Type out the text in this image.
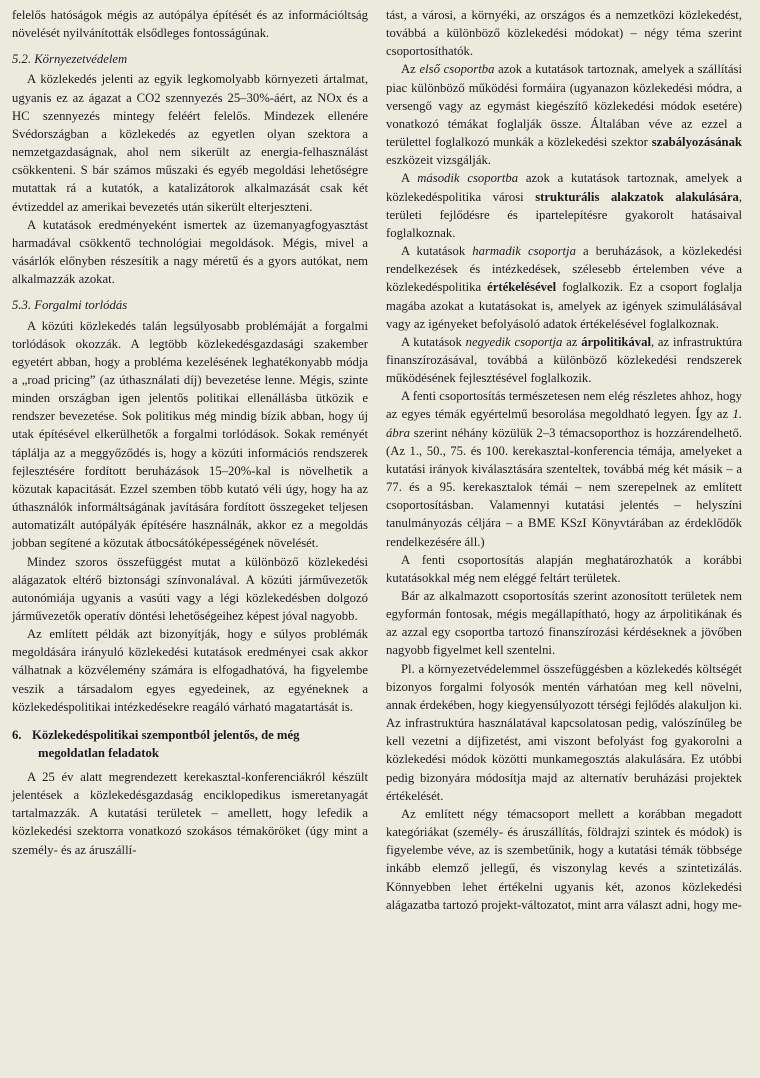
felelős hatóságok mégis az autópálya építését és az információltság növelését nyilvánították elsődleges fontosságúnak.

5.2. Környezetvédelem

A közlekedés jelenti az egyik legkomolyabb környezeti ártalmat, ugyanis ez az ágazat a CO2 szennyezés 25–30%-áért, az NOx és a HC szennyezés mintegy feléért felelős. Mindezek ellenére Svédországban a közlekedés az egyetlen olyan szektora a nemzetgazdaságnak, ahol nem sikerült az energia-felhasználást csökkenteni. S bár számos műszaki és egyéb megoldási lehetőségre mutattak rá a kutatók, a katalizátorok alkalmazását csak két évtizeddel az amerikai bevezetés után sikerült elterjeszteni.

A kutatások eredményeként ismertek az üzemanyagfogyasztást harmadával csökkentő technológiai megoldások. Mégis, mivel a vásárlók előnyben részesítik a nagy méretű és a gyors autókat, nem alkalmazzák azokat.

5.3. Forgalmi torlódás

A közúti közlekedés talán legsúlyosabb problémáját a forgalmi torlódások okozzák. A legtöbb közlekedésgazdasági szakember egyetért abban, hogy a probléma kezelésének leghatékonyabb módja a „road pricing” (az úthasználati díj) bevezetése lenne. Mégis, szinte minden országban igen jelentős politikai ellenállásba ütközik e rendszer bevezetése. Sok politikus még mindig bízik abban, hogy új utak építésével elkerülhetők a forgalmi torlódások. Sokak reményét táplálja az a meggyőződés is, hogy a közúti információs rendszerek fejlesztésére fordított beruházások 15–20%-kal is növelhetik a közutak kapacitását. Ezzel szemben több kutató véli úgy, hogy ha az úthasználók informáltságának javítására fordított összegeket teljesen automatizált autópályák építésére használnák, akkor ez a megoldás jobban segítené a közutak átbocsátóképességének növelését.

Mindez szoros összefüggést mutat a különböző közlekedési alágazatok eltérő biztonsági színvonalával. A közúti járművezetők autonómiája ugyanis a vasúti vagy a légi közlekedésben dolgozó járművezetők operatív döntési lehetőségeihez képest jóval nagyobb.

Az említett példák azt bizonyítják, hogy e súlyos problémák megoldására irányuló közlekedési kutatások eredményei csak akkor válhatnak a közvélemény számára is elfogadhatóvá, ha figyelembe veszik a társadalom egyes egyedeinek, az egyéneknek a közlekedéspolitikai intézkedésekre reagáló várható magatartását is.

6. Közlekedéspolitikai szempontból jelentős, de még megoldatlan feladatok

A 25 év alatt megrendezett kerekasztal-konferenciákról készült jelentések a közlekedésgazdaság enciklopedikus ismeretanyagát tartalmazzák. A kutatási területek – amellett, hogy lefedik a közlekedési szektorra vonatkozó szokásos témaköröket (úgy mint a személy- és az áruszállí-

tást, a városi, a környéki, az országos és a nemzetközi közlekedést, továbbá a különböző közlekedési módokat) – négy téma szerint csoportosíthatók.

Az első csoportba azok a kutatások tartoznak, amelyek a szállítási piac különböző működési formáira (ugyanazon közlekedési módra, a versengő vagy az egymást kiegészítő közlekedési módok esetére) vonatkozó témákat foglalják össze. Általában véve az ezzel a területtel foglalkozó munkák a közlekedési szektor szabályozásának eszközeit vizsgálják.

A második csoportba azok a kutatások tartoznak, amelyek a közlekedéspolitika városi strukturális alakzatok alakulására, területi fejlődésre és ipartelepítésre gyakorolt hatásaival foglalkoznak.

A kutatások harmadik csoportja a beruházások, a közlekedési rendelkezések és intézkedések, szélesebb értelemben véve a közlekedéspolitika értékelésével foglalkozik. Ez a csoport foglalja magába azokat a kutatásokat is, amelyek az igények szimulálásával vagy az igényeket befolyásoló adatok értékelésével foglalkoznak.

A kutatások negyedik csoportja az árpolitikával, az infrastruktúra finanszírozásával, továbbá a különböző közlekedési rendszerek működésének fejlesztésével foglalkozik.

A fenti csoportosítás természetesen nem elég részletes ahhoz, hogy az egyes témák egyértelmű besorolása megoldható legyen. Így az 1. ábra szerint néhány közülük 2–3 témacsoporthoz is hozzárendelhető. (Az 1., 50., 75. és 100. kerekasztal-konferencia témája, amelyeket a kutatási irányok kiválasztására szenteltek, továbbá még két másik – a 77. és a 95. kerekasztalok témái – nem szerepelnek az említett csoportosításban. Valamennyi kutatási jelentés – helyszíni tanulmányozás céljára – a BME KSzI Könyvtárában az érdeklődők rendelkezésére áll.)

A fenti csoportosítás alapján meghatározhatók a korábbi kutatásokkal még nem eléggé feltárt területek.

Bár az alkalmazott csoportosítás szerint azonosított területek nem egyformán fontosak, mégis megállapítható, hogy az árpolitikának és az azzal egy csoportba tartozó finanszírozási kérdéseknek a jövőben nagyobb figyelmet kell szentelni.

Pl. a környezetvédelemmel összefüggésben a közlekedés költségét bizonyos forgalmi folyosók mentén várhatóan meg kell növelni, annak érdekében, hogy kiegyensúlyozott térségi fejlődés alakuljon ki. Az infrastruktúra használatával kapcsolatosan pedig, valószínűleg be kell vezetni a díjfizetést, ami viszont befolyást fog gyakorolni a közlekedési módok közötti munkamegosztás alakulására. Ez utóbbi pedig bizonyára módosítja majd az alternatív beruházási projektek értékelését.

Az említett négy témacsoport mellett a korábban megadott kategóriákat (személy- és áruszállítás, földrajzi szintek és módok) is figyelembe véve, az is szembetűnik, hogy a kutatási témák többsége inkább elemző jellegű, és viszonylag kevés a szintetizálás. Könnyebben lehet értékelni ugyanis két, azonos közlekedési alágazatba tartozó projekt-változatot, mint arra választ adni, hogy me-
